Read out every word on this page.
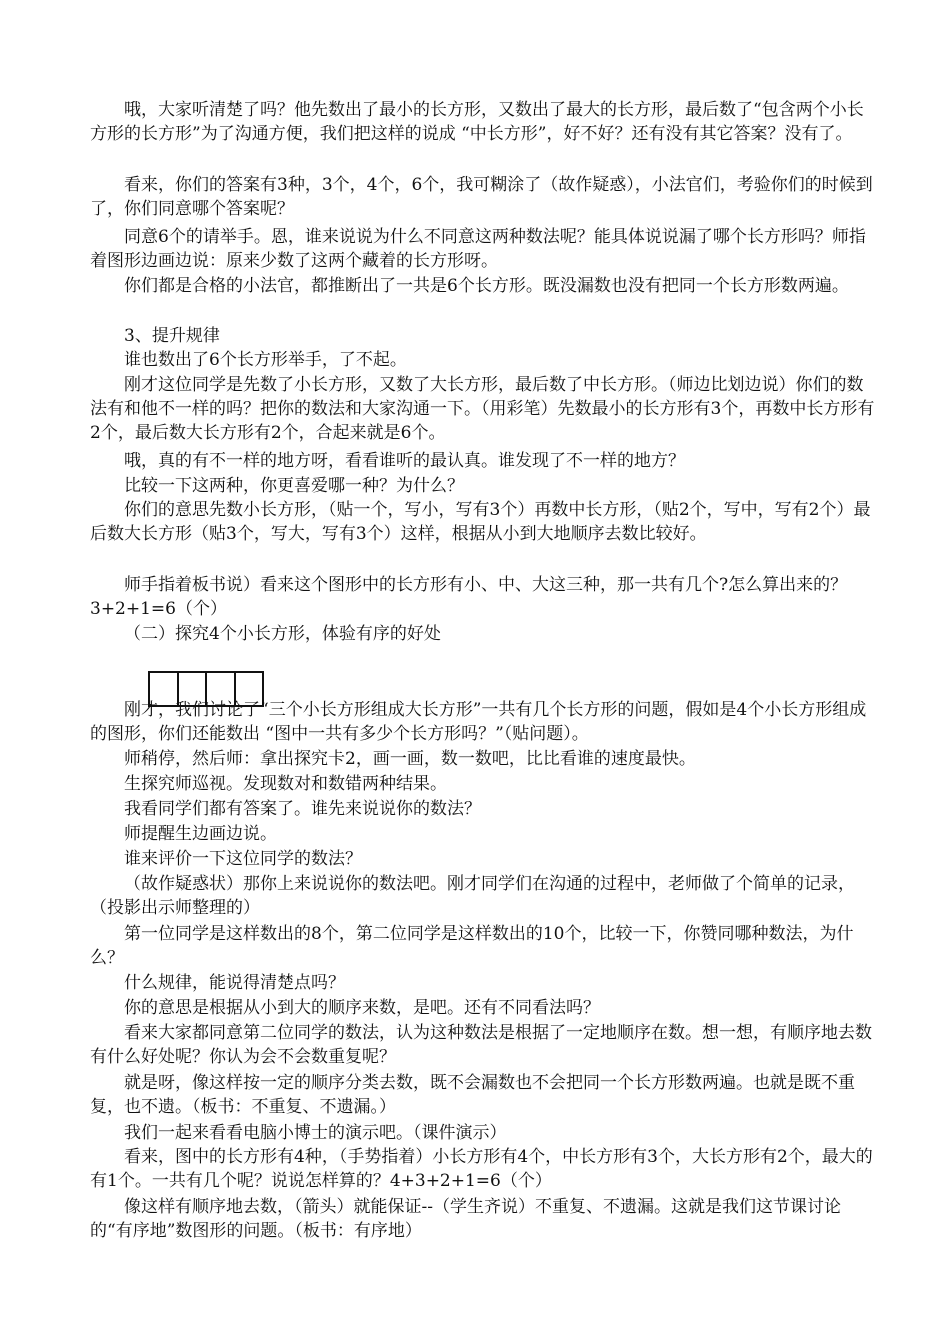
哦，大家听清楚了吗？他先数出了最小的长方形，又数出了最大的长方形，最后数了“包含两个小长方形的长方形”为了沟通方便，我们把这样的说成 “中长方形”，好不好？还有没有其它答案？没有了。

看来，你们的答案有3种，3个，4个，6个，我可糊涂了（故作疑惑），小法官们，考验你们的时候到了，你们同意哪个答案呢？

同意6个的请举手。恩，谁来说说为什么不同意这两种数法呢？能具体说说漏了哪个长方形吗？师指着图形边画边说：原来少数了这两个藏着的长方形呀。

你们都是合格的小法官，都推断出了一共是6个长方形。既没漏数也没有把同一个长方形数两遍。

3、提升规律

谁也数出了6个长方形举手，了不起。

刚才这位同学是先数了小长方形，又数了大长方形，最后数了中长方形。（师边比划边说）你们的数法有和他不一样的吗？把你的数法和大家沟通一下。（用彩笔）先数最小的长方形有3个，再数中长方形有2个，最后数大长方形有2个，合起来就是6个。

哦，真的有不一样的地方呀，看看谁听的最认真。谁发现了不一样的地方？

比较一下这两种，你更喜爱哪一种？为什么？

你们的意思先数小长方形，（贴一个，写小，写有3个）再数中长方形，（贴2个，写中，写有2个）最后数大长方形（贴3个，写大，写有3个）这样，根据从小到大地顺序去数比较好。

师手指着板书说）看来这个图形中的长方形有小、中、大这三种，那一共有几个?怎么算出来的？3+2+1=6（个）

（二）探究4个小长方形，体验有序的好处

刚才，我们讨论了“三个小长方形组成大长方形”一共有几个长方形的问题，假如是4个小长方形组成的图形，你们还能数出 “图中一共有多少个长方形吗？”（贴问题）。

师稍停，然后师：拿出探究卡2，画一画，数一数吧，比比看谁的速度最快。

生探究师巡视。发现数对和数错两种结果。

我看同学们都有答案了。谁先来说说你的数法？

师提醒生边画边说。

谁来评价一下这位同学的数法？

（故作疑惑状）那你上来说说你的数法吧。刚才同学们在沟通的过程中，老师做了个简单的记录，（投影出示师整理的）

第一位同学是这样数出的8个，第二位同学是这样数出的10个，比较一下，你赞同哪种数法，为什么？

什么规律，能说得清楚点吗？

你的意思是根据从小到大的顺序来数，是吧。还有不同看法吗？

看来大家都同意第二位同学的数法，认为这种数法是根据了一定地顺序在数。想一想，有顺序地去数有什么好处呢？你认为会不会数重复呢？

就是呀，像这样按一定的顺序分类去数，既不会漏数也不会把同一个长方形数两遍。也就是既不重复，也不遗。（板书：不重复、不遗漏。）

我们一起来看看电脑小博士的演示吧。（课件演示）

看来，图中的长方形有4种，（手势指着）小长方形有4个，中长方形有3个，大长方形有2个，最大的有1个。一共有几个呢？说说怎样算的？4+3+2+1=6（个）

像这样有顺序地去数，（箭头）就能保证--（学生齐说）不重复、不遗漏。这就是我们这节课讨论的“有序地”数图形的问题。（板书：有序地）
